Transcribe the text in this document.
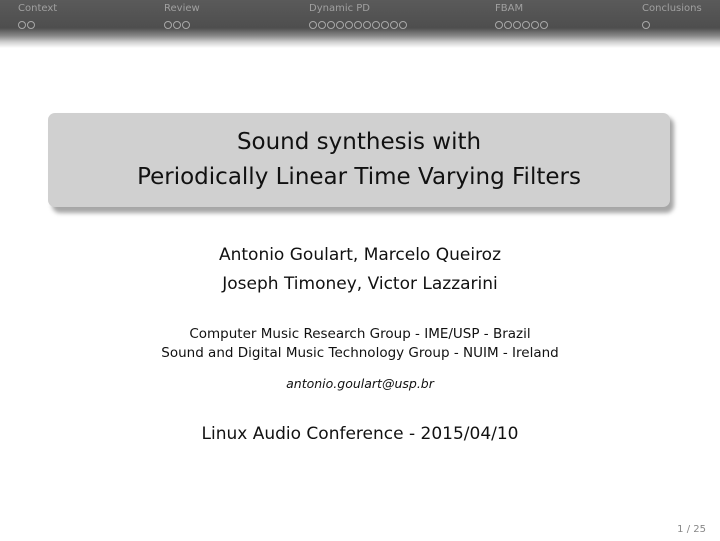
Context	Review	Dynamic PD	FBAM	Conclusions
Sound synthesis with
Periodically Linear Time Varying Filters
Antonio Goulart, Marcelo Queiroz
Joseph Timoney, Victor Lazzarini
Computer Music Research Group - IME/USP - Brazil
Sound and Digital Music Technology Group - NUIM - Ireland
antonio.goulart@usp.br
Linux Audio Conference - 2015/04/10
1 / 25
